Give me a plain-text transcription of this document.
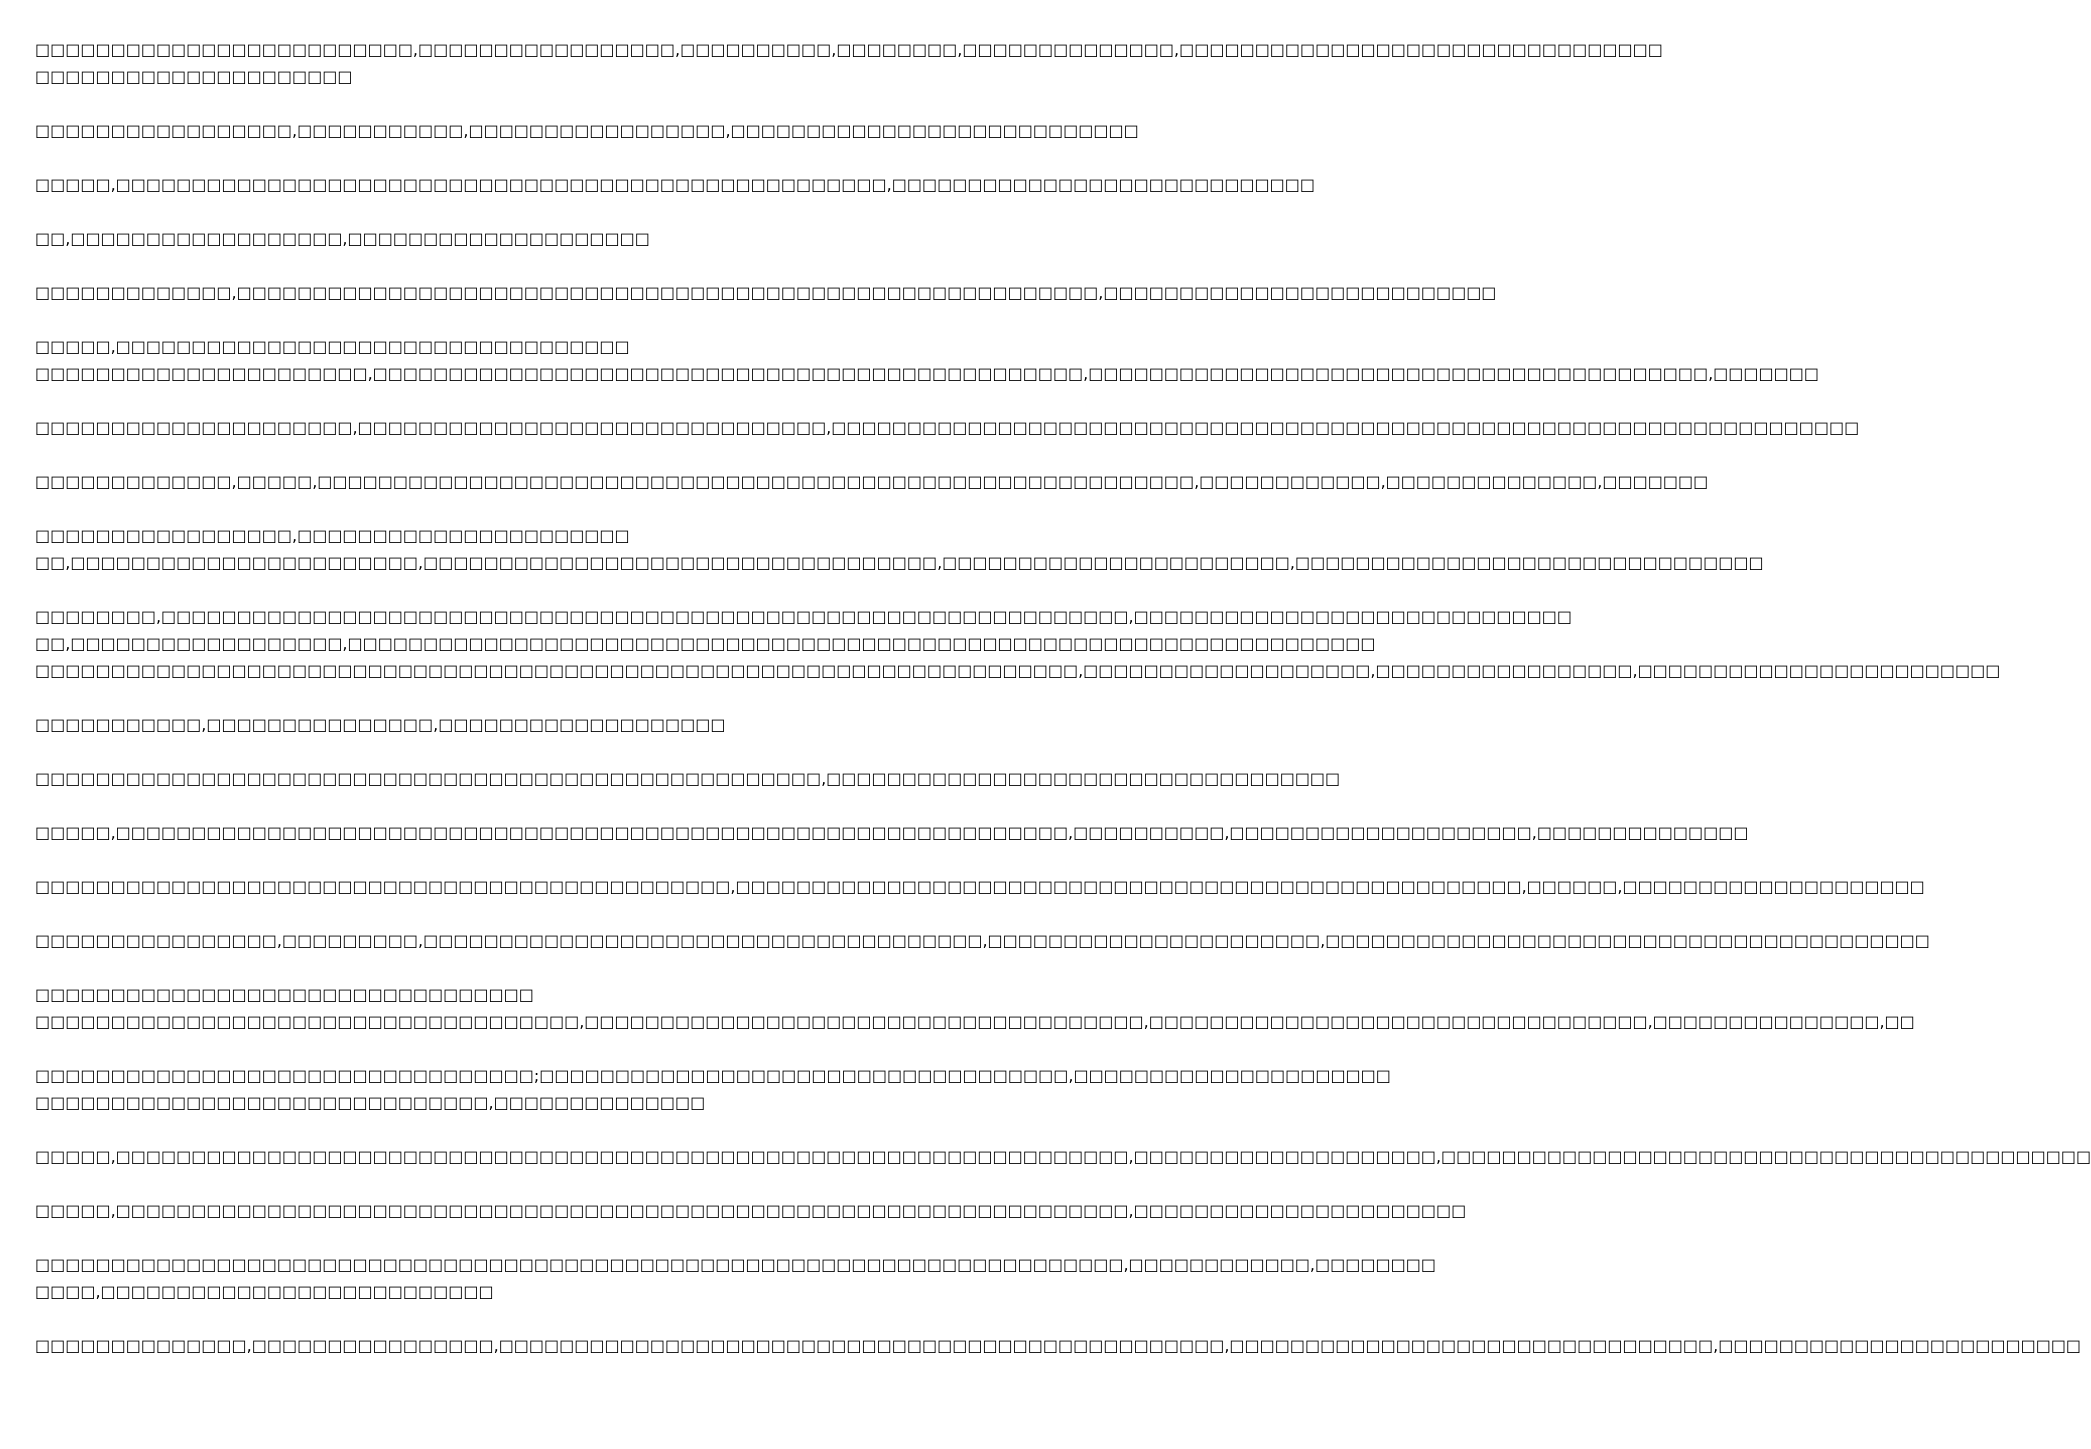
□□□□□□□□□□□□□□□□□□□□□□□□□,□□□□□□□□□□□□□□□□□,□□□□□□□□□□,□□□□□□□□,□□□□□□□□□□□□□□,□□□□□□□□□□□□□□□□□□□□□□□□□□□□□□□□
□□□□□□□□□□□□□□□□□□□□□
□□□□□□□□□□□□□□□□□,□□□□□□□□□□□,□□□□□□□□□□□□□□□□□,□□□□□□□□□□□□□□□□□□□□□□□□□□□
□□□□□,□□□□□□□□□□□□□□□□□□□□□□□□□□□□□□□□□□□□□□□□□□□□□□□□□□□,□□□□□□□□□□□□□□□□□□□□□□□□□□□□
□□,□□□□□□□□□□□□□□□□□□,□□□□□□□□□□□□□□□□□□□□
□□□□□□□□□□□□□,□□□□□□□□□□□□□□□□□□□□□□□□□□□□□□□□□□□□□□□□□□□□□□□□□□□□□□□□□,□□□□□□□□□□□□□□□□□□□□□□□□□□
□□□□□,□□□□□□□□□□□□□□□□□□□□□□□□□□□□□□□□□□
□□□□□□□□□□□□□□□□□□□□□□,□□□□□□□□□□□□□□□□□□□□□□□□□□□□□□□□□□□□□□□□□□□□□□□,□□□□□□□□□□□□□□□□□□□□□□□□□□□□□□□□□□□□□□□□□,□□□□□□□
□□□□□□□□□□□□□□□□□□□□□,□□□□□□□□□□□□□□□□□□□□□□□□□□□□□□□,□□□□□□□□□□□□□□□□□□□□□□□□□□□□□□□□□□□□□□□□□□□□□□□□□□□□□□□□□□□□□□□□□□□□
□□□□□□□□□□□□□,□□□□□,□□□□□□□□□□□□□□□□□□□□□□□□□□□□□□□□□□□□□□□□□□□□□□□□□□□□□□□□□□,□□□□□□□□□□□□,□□□□□□□□□□□□□□,□□□□□□□
□□□□□□□□□□□□□□□□□,□□□□□□□□□□□□□□□□□□□□□□
□□,□□□□□□□□□□□□□□□□□□□□□□□,□□□□□□□□□□□□□□□□□□□□□□□□□□□□□□□□□□,□□□□□□□□□□□□□□□□□□□□□□□,□□□□□□□□□□□□□□□□□□□□□□□□□□□□□□□
□□□□□□□□,□□□□□□□□□□□□□□□□□□□□□□□□□□□□□□□□□□□□□□□□□□□□□□□□□□□□□□□□□□□□□□□□,□□□□□□□□□□□□□□□□□□□□□□□□□□□□□
□□,□□□□□□□□□□□□□□□□□□,□□□□□□□□□□□□□□□□□□□□□□□□□□□□□□□□□□□□□□□□□□□□□□□□□□□□□□□□□□□□□□□□□□□□
□□□□□□□□□□□□□□□□□□□□□□□□□□□□□□□□□□□□□□□□□□□□□□□□□□□□□□□□□□□□□□□□□□□□□,□□□□□□□□□□□□□□□□□□□,□□□□□□□□□□□□□□□□□,□□□□□□□□□□□□□□□□□□□□□□□□
□□□□□□□□□□□,□□□□□□□□□□□□□□□,□□□□□□□□□□□□□□□□□□□
□□□□□□□□□□□□□□□□□□□□□□□□□□□□□□□□□□□□□□□□□□□□□□□□□□□□,□□□□□□□□□□□□□□□□□□□□□□□□□□□□□□□□□□
□□□□□,□□□□□□□□□□□□□□□□□□□□□□□□□□□□□□□□□□□□□□□□□□□□□□□□□□□□□□□□□□□□□□□,□□□□□□□□□□,□□□□□□□□□□□□□□□□□□□□,□□□□□□□□□□□□□□
□□□□□□□□□□□□□□□□□□□□□□□□□□□□□□□□□□□□□□□□□□□□□□,□□□□□□□□□□□□□□□□□□□□□□□□□□□□□□□□□□□□□□□□□□□□□□□□□□□□,□□□□□□,□□□□□□□□□□□□□□□□□□□□
□□□□□□□□□□□□□□□□,□□□□□□□□□,□□□□□□□□□□□□□□□□□□□□□□□□□□□□□□□□□□□□□,□□□□□□□□□□□□□□□□□□□□□□,□□□□□□□□□□□□□□□□□□□□□□□□□□□□□□□□□□□□□□□□
□□□□□□□□□□□□□□□□□□□□□□□□□□□□□□□□□
□□□□□□□□□□□□□□□□□□□□□□□□□□□□□□□□□□□□,□□□□□□□□□□□□□□□□□□□□□□□□□□□□□□□□□□□□□,□□□□□□□□□□□□□□□□□□□□□□□□□□□□□□□□□,□□□□□□□□□□□□□□□,□□
□□□□□□□□□□□□□□□□□□□□□□□□□□□□□□□□□;□□□□□□□□□□□□□□□□□□□□□□□□□□□□□□□□□□□,□□□□□□□□□□□□□□□□□□□□□
□□□□□□□□□□□□□□□□□□□□□□□□□□□□□□,□□□□□□□□□□□□□□
□□□□□,□□□□□□□□□□□□□□□□□□□□□□□□□□□□□□□□□□□□□□□□□□□□□□□□□□□□□□□□□□□□□□□□□□□,□□□□□□□□□□□□□□□□□□□□,□□□□□□□□□□□□□□□□□□□□□□□□□□□□□□□□□□□□□□□□□□□
□□□□□,□□□□□□□□□□□□□□□□□□□□□□□□□□□□□□□□□□□□□□□□□□□□□□□□□□□□□□□□□□□□□□□□□□□,□□□□□□□□□□□□□□□□□□□□□□
□□□□□□□□□□□□□□□□□□□□□□□□□□□□□□□□□□□□□□□□□□□□□□□□□□□□□□□□□□□□□□□□□□□□□□□□,□□□□□□□□□□□□,□□□□□□□□
□□□□,□□□□□□□□□□□□□□□□□□□□□□□□□□
□□□□□□□□□□□□□□,□□□□□□□□□□□□□□□□,□□□□□□□□□□□□□□□□□□□□□□□□□□□□□□□□□□□□□□□□□□□□□□□□,□□□□□□□□□□□□□□□□□□□□□□□□□□□□□□□□,□□□□□□□□□□□□□□□□□□□□□□□□
